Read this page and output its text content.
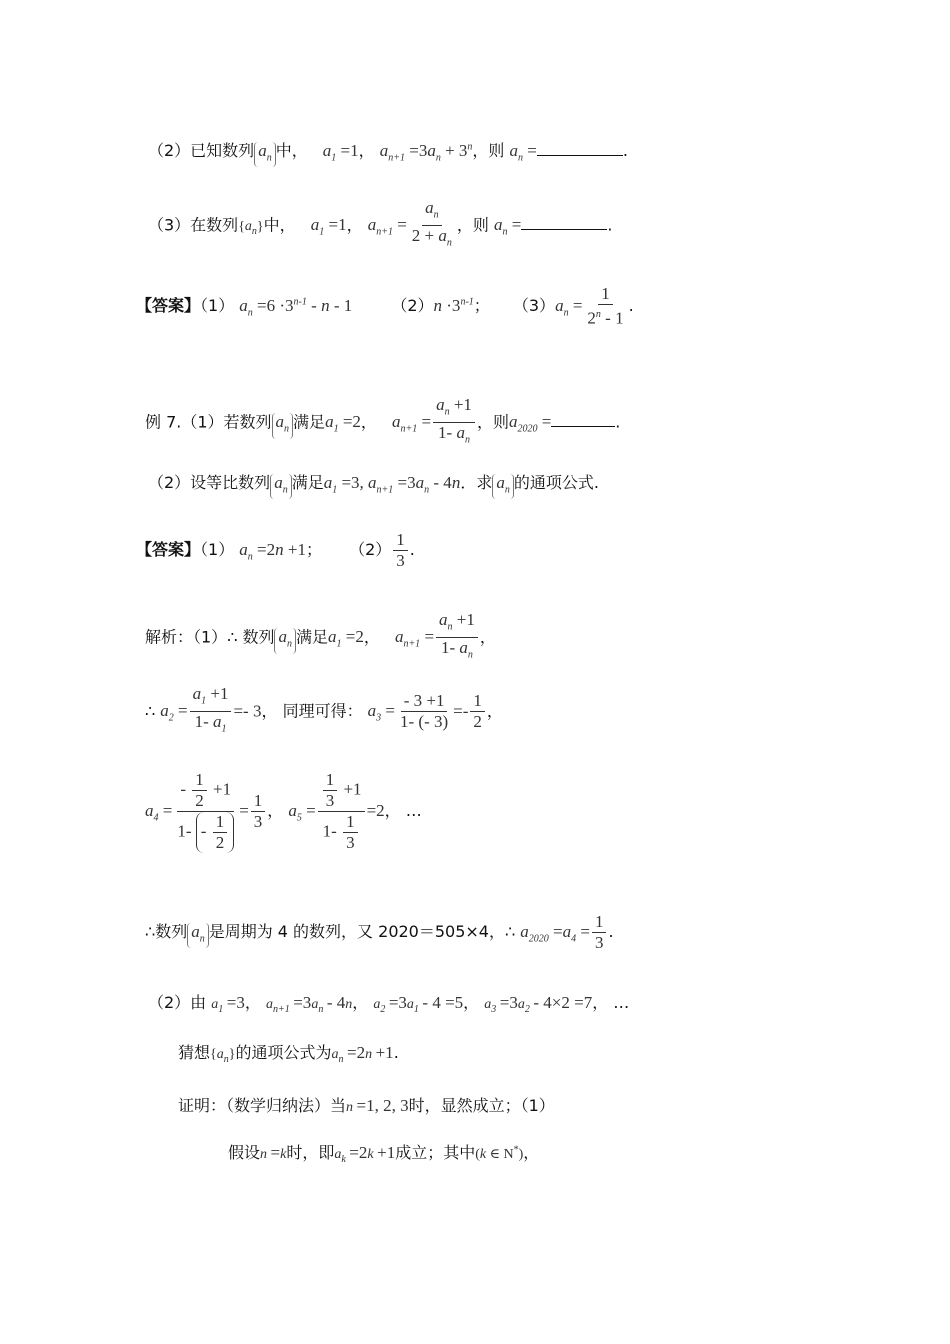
（2）已知数列 $a_n$ 中， $a_1 =1$， $a_{n+1} =3a_n + 3^n$，则 $a_n$ =	.
（3）在数列$\{a_n\}$中， $a_1 =1$， $a_{n+1} = \frac{a_n}{2 + a_n}$ ，则 $a_n$ =	.
【答案】（1） $a_n =6 \cdot 3^{n-1} - n - 1$ $(2)n \cdot 3^{n-1}$； $(3)a_n = \frac{1}{2^n - 1}$ .
例 7.（1）若数列 $a_n$ 满足$a_1 =2$， $a_{n+1} = \frac{a_n +1}{1- a_n}$ ，则$a_{2020}$ =	.
（2）设等比数列 $a_n$ 满足$a_1 =3$, $a_{n+1} =3a_n - 4n$．求 $a_n$ 的通项公式.
【答案】（1） $a_n =2n +1$； $(2) \frac{1}{3}$ .
解析：（1）∴ 数列 $a_n$ 满足$a_1 =2$， $a_{n+1} = \frac{a_n +1}{1- a_n}$ ，
∴ $a_2 = \frac{a_1 +1}{1- a_1} =- 3$， 同理可得： $a_3 = \frac{- 3 +1}{1- (- 3)} =- \frac{1}{2}$ ，
$a_4 = \frac{- \frac{1}{2} +1}{1- - \frac{1}{2}} = \frac{1}{3}$ ， $a_5 = \frac{\frac{1}{3} +1}{1- \frac{1}{3}} =2$， …
∴数列 $a_n$ 是周期为 4 的数列，又 2020＝505×4，∴ $a_{2020} =a_4 = \frac{1}{3}$ .
（2）由 $a_1 =3$， $a_{n+1} =3a_n - 4n$， $a_2 =3a_1 - 4 =5$， $a_3 =3a_2 - 4\times 2 =7$， …
猜想$\{a_n\}$的通项公式为$a_n =2n +1$.
证明：（数学归纳法）当n =1, 2, 3时，显然成立；（1）
假设n =k时，即$a_k =2k +1$成立；其中(k ∈ N*)，
